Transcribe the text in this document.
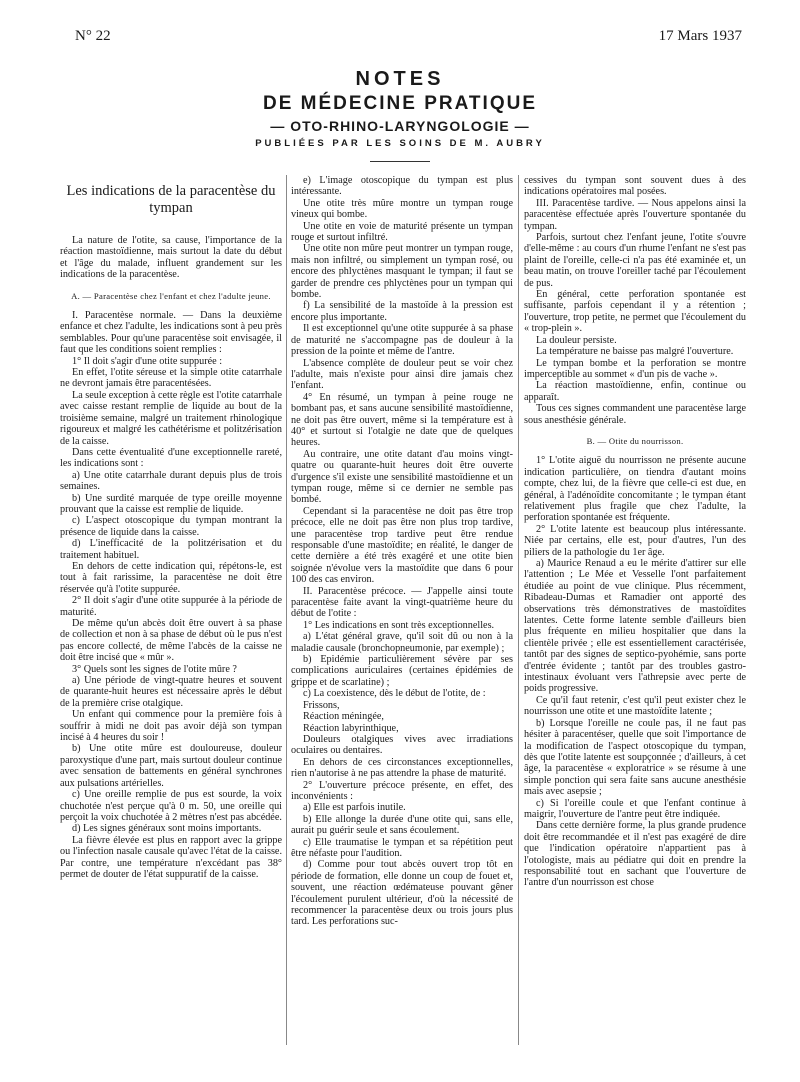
N° 22	17 Mars 1937
NOTES
DE MÉDECINE PRATIQUE
— OTO-RHINO-LARYNGOLOGIE —
PUBLIÉES PAR LES SOINS DE M. AUBRY
Les indications de la paracentèse du tympan

La nature de l'otite, sa cause, l'importance de la réaction mastoïdienne, mais surtout la date du début et l'âge du malade, influent grandement sur les indications de la paracentèse.

A. — Paracentèse chez l'enfant et chez l'adulte jeune.

I. Paracentèse normale. — Dans la deuxième enfance et chez l'adulte, les indications sont à peu près semblables. Pour qu'une paracentèse soit envisagée, il faut que les conditions soient remplies :

1° Il doit s'agir d'une otite suppurée :

En effet, l'otite séreuse et la simple otite catarrhale ne devront jamais être paracentésées.

La seule exception à cette règle est l'otite catarrhale avec caisse restant remplie de liquide au bout de la troisième semaine, malgré un traitement rhinologique rigoureux et malgré les cathétérisme et politzérisation de la caisse.

Dans cette éventualité d'une exceptionnelle rareté, les indications sont :

a) Une otite catarrhale durant depuis plus de trois semaines.

b) Une surdité marquée de type oreille moyenne prouvant que la caisse est remplie de liquide.

c) L'aspect otoscopique du tympan montrant la présence de liquide dans la caisse.

d) L'inefficacité de la politzérisation et du traitement habituel.

En dehors de cette indication qui, répétons-le, est tout à fait rarissime, la paracentèse ne doit être réservée qu'à l'otite suppurée.

2° Il doit s'agir d'une otite suppurée à la période de maturité.

De même qu'un abcès doit être ouvert à sa phase de collection et non à sa phase de début où le pus n'est pas encore collecté, de même l'abcès de la caisse ne doit être incisé que « mûr ».

3° Quels sont les signes de l'otite mûre ?

a) Une période de vingt-quatre heures et souvent de quarante-huit heures est nécessaire après le début de la première crise otalgique.

Un enfant qui commence pour la première fois à souffrir à midi ne doit pas avoir déjà son tympan incisé à 4 heures du soir !

b) Une otite mûre est douloureuse, douleur paroxystique d'une part, mais surtout douleur continue avec sensation de battements en général synchrones aux pulsations artérielles.

c) Une oreille remplie de pus est sourde, la voix chuchotée n'est perçue qu'à 0 m. 50, une oreille qui perçoit la voix chuchotée à 2 mètres n'est pas abcédée.

d) Les signes généraux sont moins importants.

La fièvre élevée est plus en rapport avec la grippe ou l'infection nasale causale qu'avec l'état de la caisse. Par contre, une température n'excédant pas 38° permet de douter de l'état suppuratif de la caisse.

e) L'image otoscopique du tympan est plus intéressante.

Une otite très mûre montre un tympan rouge vineux qui bombe.

Une otite en voie de maturité présente un tympan rouge et surtout infiltré.

Une otite non mûre peut montrer un tympan rouge, mais non infiltré, ou simplement un tympan rosé, ou encore des phlyctènes masquant le tympan; il faut se garder de prendre ces phlyctènes pour un tympan qui bombe.

f) La sensibilité de la mastoïde à la pression est encore plus importante.

Il est exceptionnel qu'une otite suppurée à sa phase de maturité ne s'accompagne pas de douleur à la pression de la pointe et même de l'antre.

L'absence complète de douleur peut se voir chez l'adulte, mais n'existe pour ainsi dire jamais chez l'enfant.

4° En résumé, un tympan à peine rouge ne bombant pas, et sans aucune sensibilité mastoïdienne, ne doit pas être ouvert, même si la température est à 40° et surtout si l'otalgie ne date que de quelques heures.

Au contraire, une otite datant d'au moins vingt-quatre ou quarante-huit heures doit être ouverte d'urgence s'il existe une sensibilité mastoïdienne et un tympan rouge, même si ce dernier ne semble pas bombé.

Cependant si la paracentèse ne doit pas être trop précoce, elle ne doit pas être non plus trop tardive, une paracentèse trop tardive peut être rendue responsable d'une mastoïdite; en réalité, le danger de cette dernière a été très exagéré et une otite bien soignée n'évolue vers la mastoïdite que dans 6 pour 100 des cas environ.

II. Paracentèse précoce. — J'appelle ainsi toute paracentèse faite avant la vingt-quatrième heure du début de l'otite :

1° Les indications en sont très exceptionnelles.

a) L'état général grave, qu'il soit dû ou non à la maladie causale (bronchopneumonie, par exemple) ;

b) Epidémie particulièrement sévère par ses complications auriculaires (certaines épidémies de grippe et de scarlatine) ;

c) La coexistence, dès le début de l'otite, de :

Frissons,

Réaction méningée,

Réaction labyrinthique,

Douleurs otalgiques vives avec irradiations oculaires ou dentaires.

En dehors de ces circonstances exceptionnelles, rien n'autorise à ne pas attendre la phase de maturité.

2° L'ouverture précoce présente, en effet, des inconvénients :

a) Elle est parfois inutile.

b) Elle allonge la durée d'une otite qui, sans elle, aurait pu guérir seule et sans écoulement.

c) Elle traumatise le tympan et sa répétition peut être néfaste pour l'audition.

d) Comme pour tout abcès ouvert trop tôt en période de formation, elle donne un coup de fouet et, souvent, une réaction œdémateuse pouvant gêner l'écoulement purulent ultérieur, d'où la nécessité de recommencer la paracentèse deux ou trois jours plus tard. Les perforations suc-

cessives du tympan sont souvent dues à des indications opératoires mal posées.

III. Paracentèse tardive. — Nous appelons ainsi la paracentèse effectuée après l'ouverture spontanée du tympan.

Parfois, surtout chez l'enfant jeune, l'otite s'ouvre d'elle-même : au cours d'un rhume l'enfant ne s'est pas plaint de l'oreille, celle-ci n'a pas été examinée et, un beau matin, on trouve l'oreiller taché par l'écoulement de pus.

En général, cette perforation spontanée est suffisante, parfois cependant il y a rétention ; l'ouverture, trop petite, ne permet que l'écoulement du « trop-plein ».

La douleur persiste.

La température ne baisse pas malgré l'ouverture.

Le tympan bombe et la perforation se montre imperceptible au sommet « d'un pis de vache ».

La réaction mastoïdienne, enfin, continue ou apparaît.

Tous ces signes commandent une paracentèse large sous anesthésie générale.

B. — Otite du nourrisson.

1° L'otite aiguë du nourrisson ne présente aucune indication particulière, on tiendra d'autant moins compte, chez lui, de la fièvre que celle-ci est due, en général, à l'adénoïdite concomitante ; le tympan étant relativement plus fragile que chez l'adulte, la perforation spontanée est fréquente.

2° L'otite latente est beaucoup plus intéressante. Niée par certains, elle est, pour d'autres, l'un des piliers de la pathologie du 1er âge.

a) Maurice Renaud a eu le mérite d'attirer sur elle l'attention ; Le Mée et Vesselle l'ont parfaitement étudiée au point de vue clinique. Plus récemment, Ribadeau-Dumas et Ramadier ont apporté des observations très démonstratives de mastoïdites latentes. Cette forme latente semble d'ailleurs bien plus fréquente en milieu hospitalier que dans la clientèle privée ; elle est essentiellement caractérisée, tantôt par des signes de septico-pyohémie, sans porte d'entrée évidente ; tantôt par des troubles gastro-intestinaux évoluant vers l'athrepsie avec perte de poids progressive.

Ce qu'il faut retenir, c'est qu'il peut exister chez le nourrisson une otite et une mastoïdite latente ;

b) Lorsque l'oreille ne coule pas, il ne faut pas hésiter à paracentéser, quelle que soit l'importance de la modification de l'aspect otoscopique du tympan, dès que l'otite latente est soupçonnée ; d'ailleurs, à cet âge, la paracentèse « exploratrice » se résume à une simple ponction qui sera faite sans aucune anesthésie mais avec asepsie ;

c) Si l'oreille coule et que l'enfant continue à maigrir, l'ouverture de l'antre peut être indiquée.

Dans cette dernière forme, la plus grande prudence doit être recommandée et il n'est pas exagéré de dire que l'indication opératoire n'appartient pas à l'otologiste, mais au pédiatre qui doit en prendre la responsabilité tout en sachant que l'ouverture de l'antre d'un nourrisson est chose
